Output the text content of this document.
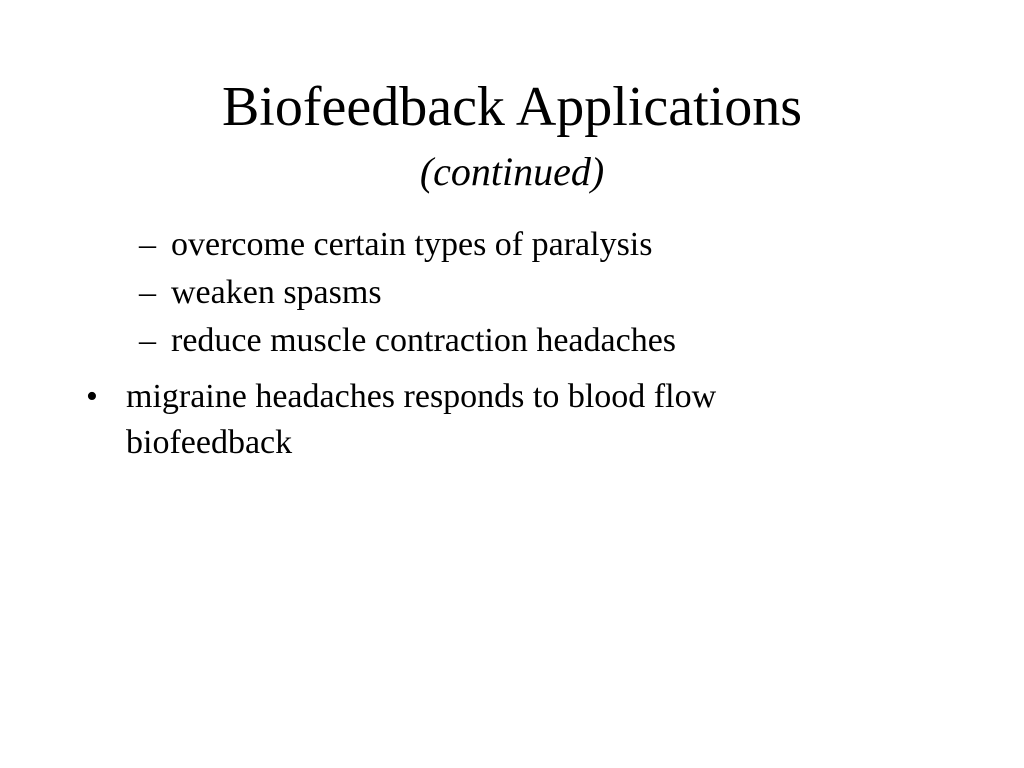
Biofeedback Applications
(continued)
– overcome certain types of paralysis
– weaken spasms
– reduce muscle contraction headaches
• migraine headaches responds to blood flow biofeedback
